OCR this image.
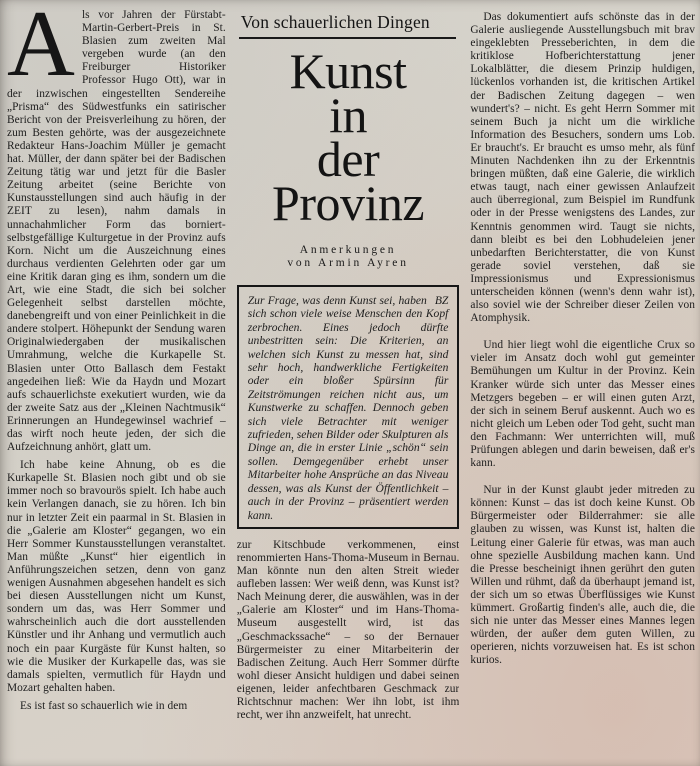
Als vor Jahren der Fürstabt-Martin-Gerbert-Preis in St. Blasien zum zweiten Mal vergeben wurde (an den Freiburger Historiker Professor Hugo Ott), war in der inzwischen eingestellten Sendereihe „Prisma“ des Südwestfunks ein satirischer Bericht von der Preisverleihung zu hören, der zum Besten gehörte, was der ausgezeichnete Redakteur Hans-Joachim Müller je gemacht hat. Müller, der dann später bei der Badischen Zeitung tätig war und jetzt für die Basler Zeitung arbeitet (seine Berichte von Kunstausstellungen sind auch häufig in der ZEIT zu lesen), nahm damals in unnachahmlicher Form das borniert-selbstgefällige Kulturgetue in der Provinz aufs Korn. Nicht um die Auszeichnung eines durchaus verdienten Gelehrten oder gar um eine Kritik daran ging es ihm, sondern um die Art, wie eine Stadt, die sich bei solcher Gelegenheit selbst darstellen möchte, danebengreift und von einer Peinlichkeit in die andere stolpert. Höhepunkt der Sendung waren Originalwiedergaben der musikalischen Umrahmung, welche die Kurkapelle St. Blasien unter Otto Ballasch dem Festakt angedeihen ließ: Wie da Haydn und Mozart aufs schauerlichste exekutiert wurden, wie da der zweite Satz aus der „Kleinen Nachtmusik“ Erinnerungen an Hundegewinsel wachrief – das wirft noch heute jeden, der sich die Aufzeichnung anhört, glatt um.

Ich habe keine Ahnung, ob es die Kurkapelle St. Blasien noch gibt und ob sie immer noch so bravourös spielt. Ich habe auch kein Verlangen danach, sie zu hören. Ich bin nur in letzter Zeit ein paarmal in St. Blasien in die „Galerie am Kloster“ gegangen, wo ein Herr Sommer Kunstausstellungen veranstaltet. Man müßte „Kunst“ hier eigentlich in Anführungszeichen setzen, denn von ganz wenigen Ausnahmen abgesehen handelt es sich bei diesen Ausstellungen nicht um Kunst, sondern um das, was Herr Sommer und wahrscheinlich auch die dort ausstellenden Künstler und ihr Anhang und vermutlich auch noch ein paar Kurgäste für Kunst halten, so wie die Musiker der Kurkapelle das, was sie damals spielten, vermutlich für Haydn und Mozart gehalten haben.

Es ist fast so schauerlich wie in dem

Von schauerlichen Dingen
Kunst
in
der
Provinz
Anmerkungen
von Armin Ayren
BZ
Zur Frage, was denn Kunst sei, haben sich schon viele weise Menschen den Kopf zerbrochen. Eines jedoch dürfte unbestritten sein: Die Kriterien, an welchen sich Kunst zu messen hat, sind sehr hoch, handwerkliche Fertigkeiten oder ein bloßer Spürsinn für Zeitströmungen reichen nicht aus, um Kunstwerke zu schaffen. Dennoch geben sich viele Betrachter mit weniger zufrieden, sehen Bilder oder Skulpturen als Dinge an, die in erster Linie „schön“ sein sollen. Demgegenüber erhebt unser Mitarbeiter hohe Ansprüche an das Niveau dessen, was als Kunst der Öffentlichkeit – auch in der Provinz – präsentiert werden kann.

zur Kitschbude verkommenen, einst renommierten Hans-Thoma-Museum in Bernau. Man könnte nun den alten Streit wieder aufleben lassen: Wer weiß denn, was Kunst ist? Nach Meinung derer, die auswählen, was in der „Galerie am Kloster“ und im Hans-Thoma-Museum ausgestellt wird, ist das „Geschmackssache“ – so der Bernauer Bürgermeister zu einer Mitarbeiterin der Badischen Zeitung. Auch Herr Sommer dürfte wohl dieser Ansicht huldigen und dabei seinen eigenen, leider anfechtbaren Geschmack zur Richtschnur machen: Wer ihn lobt, ist ihm recht, wer ihn anzweifelt, hat unrecht.

Das dokumentiert aufs schönste das in der Galerie ausliegende Ausstellungsbuch mit brav eingeklebten Presseberichten, in dem die kritiklose Hofberichterstattung jener Lokalblätter, die diesem Prinzip huldigen, lückenlos vorhanden ist, die kritischen Artikel der Badischen Zeitung dagegen – wen wundert's? – nicht. Es geht Herrn Sommer mit seinem Buch ja nicht um die wirkliche Information des Besuchers, sondern ums Lob. Er braucht's. Er braucht es umso mehr, als fünf Minuten Nachdenken ihn zu der Erkenntnis bringen müßten, daß eine Galerie, die wirklich etwas taugt, nach einer gewissen Anlaufzeit auch überregional, zum Beispiel im Rundfunk oder in der Presse wenigstens des Landes, zur Kenntnis genommen wird. Taugt sie nichts, dann bleibt es bei den Lobhudeleien jener unbedarften Berichterstatter, die von Kunst gerade soviel verstehen, daß sie Impressionismus und Expressionismus unterscheiden können (wenn's denn wahr ist), also soviel wie der Schreiber dieser Zeilen von Atomphysik.

Und hier liegt wohl die eigentliche Crux so vieler im Ansatz doch wohl gut gemeinter Bemühungen um Kultur in der Provinz. Kein Kranker würde sich unter das Messer eines Metzgers begeben – er will einen guten Arzt, der sich in seinem Beruf auskennt. Auch wo es nicht gleich um Leben oder Tod geht, sucht man den Fachmann: Wer unterrichten will, muß Prüfungen ablegen und darin beweisen, daß er's kann.

Nur in der Kunst glaubt jeder mitreden zu können: Kunst – das ist doch keine Kunst. Ob Bürgermeister oder Bilderrahmer: sie alle glauben zu wissen, was Kunst ist, halten die Leitung einer Galerie für etwas, was man auch ohne spezielle Ausbildung machen kann. Und die Presse bescheinigt ihnen gerührt den guten Willen und rühmt, daß da überhaupt jemand ist, der sich um so etwas Überflüssiges wie Kunst kümmert. Großartig finden's alle, auch die, die sich nie unter das Messer eines Mannes legen würden, der außer dem guten Willen, zu operieren, nichts vorzuweisen hat. Es ist schon kurios.
